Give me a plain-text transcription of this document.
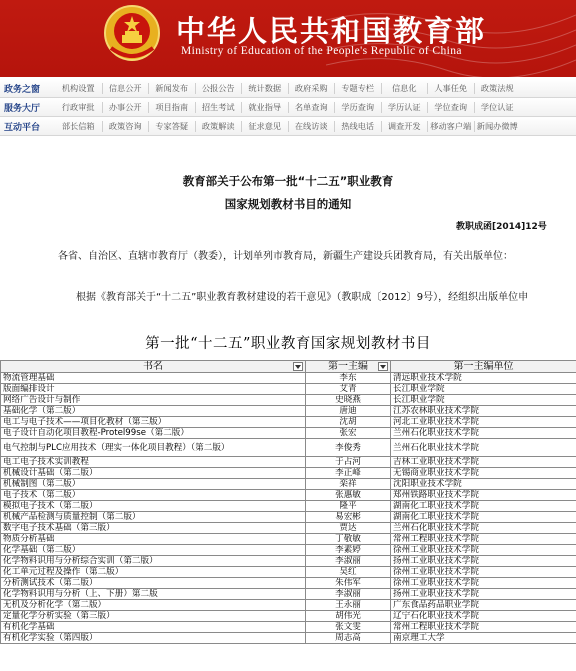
中华人民共和国教育部
Ministry of Education of the People's Republic of China
政务之窗	机构设置	信息公开	新闻发布	公报公告	统计数据	政府采购	专题专栏	信息化	人事任免	政策法规
服务大厅	行政审批	办事公开	项目指南	招生考试	就业指导	名单查询	学历查询	学历认证	学位查询	学位认证
互动平台	部长信箱	政策咨询	专家答疑	政策解读	征求意见	在线访谈	热线电话	调查开发	移动客户端 新闻办微博
教育部关于公布第一批“十二五”职业教育
国家规划教材书目的通知
教职成函[2014]12号
各省、自治区、直辖市教育厅（教委），计划单列市教育局，新疆生产建设兵团教育局，有关出版单位：
根据《教育部关于“十二五”职业教育教材建设的若干意见》（教职成〔2012〕9号），经组织出版单位申
第一批“十二五”职业教育国家规划教材书目
书名	第一主编	第一主编单位
物流管理基础	李东	清远职业技术学院
版面编排设计	艾青	长江职业学院
网络广告设计与制作	史晓燕	长江职业学院
基础化学（第二版）	唐迪	江苏农林职业技术学院
电工与电子技术——项目化教材（第三版）	沈胡	河北工业职业技术学院
电子设计自动化项目教程-Protel99se（第二版）	张宏	兰州石化职业技术学院
电气控制与PLC应用技术（理实一体化项目教程）（第二版）	李俊秀	兰州石化职业技术学院
电工电子技术实训教程	于占河	吉林工业职业技术学院
机械设计基础（第二版）	李正峰	无锡商业职业技术学院
机械制图（第二版）	栾祥	沈阳职业技术学院
电子技术（第二版）	张惠敏	郑州铁路职业技术学院
模拟电子技术（第二版）	隆平	湖南化工职业技术学院
机械产品检测与质量控制（第二版）	易宏彬	湖南化工职业技术学院
数字电子技术基础（第三版）	贾达	兰州石化职业技术学院
物质分析基础	丁敬敏	常州工程职业技术学院
化学基础（第二版）	李素婷	徐州工业职业技术学院
化学物料识用与分析综合实训（第二版）	李淑丽	扬州工业职业技术学院
化工单元过程及操作（第二版）	吴红	徐州工业职业技术学院
分析测试技术（第二版）	朱伟军	徐州工业职业技术学院
化学物料识用与分析（上、下册）第二版	李淑丽	扬州工业职业技术学院
无机及分析化学（第二版）	王永丽	广东食品药品职业学院
定量化学分析实验（第三版）	胡伟光	辽宁石化职业技术学院
有机化学基础	张文雯	常州工程职业技术学院
有机化学实验（第四版）	周志高	南京理工大学
